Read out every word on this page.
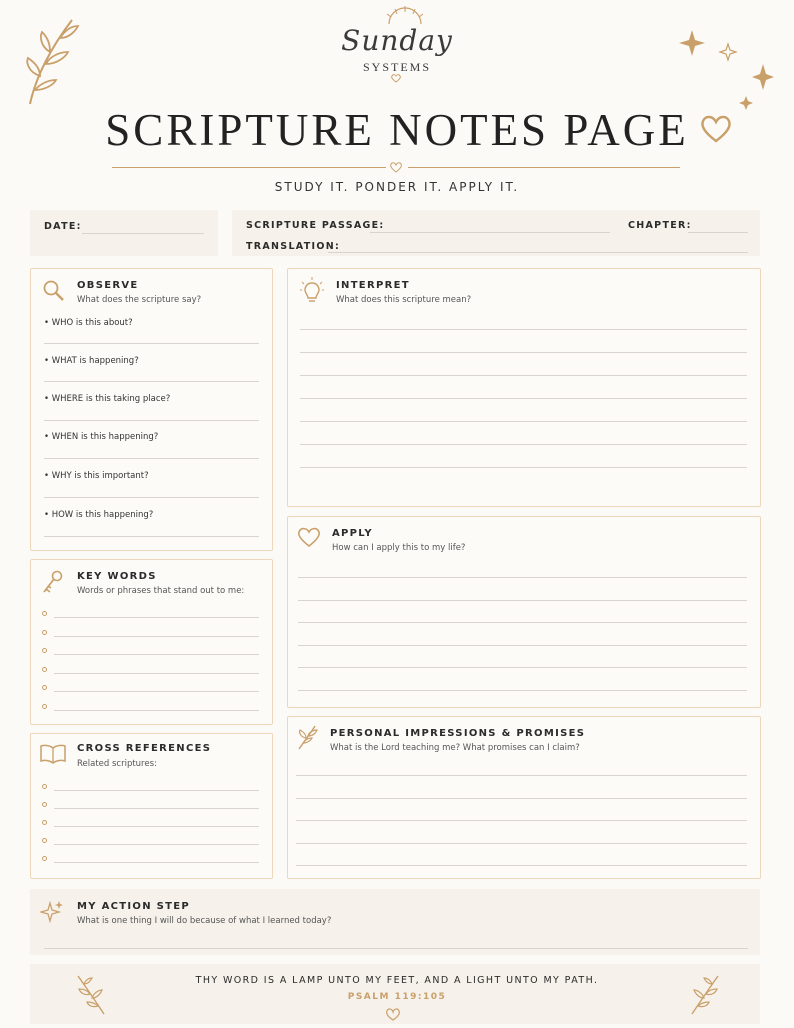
Sunday
SYSTEMS
SCRIPTURE NOTES PAGE
STUDY IT. PONDER IT. APPLY IT.
DATE:	SCRIPTURE PASSAGE:	CHAPTER:
TRANSLATION:
OBSERVE
What does the scripture say?
• WHO is this about?
• WHAT is happening?
• WHERE is this taking place?
• WHEN is this happening?
• WHY is this important?
• HOW is this happening?
INTERPRET
What does this scripture mean?
KEY WORDS
Words or phrases that stand out to me:
APPLY
How can I apply this to my life?
PERSONAL IMPRESSIONS & PROMISES
What is the Lord teaching me? What promises can I claim?
CROSS REFERENCES
Related scriptures:
MY ACTION STEP
What is one thing I will do because of what I learned today?
THY WORD IS A LAMP UNTO MY FEET, AND A LIGHT UNTO MY PATH.
PSALM 119:105
